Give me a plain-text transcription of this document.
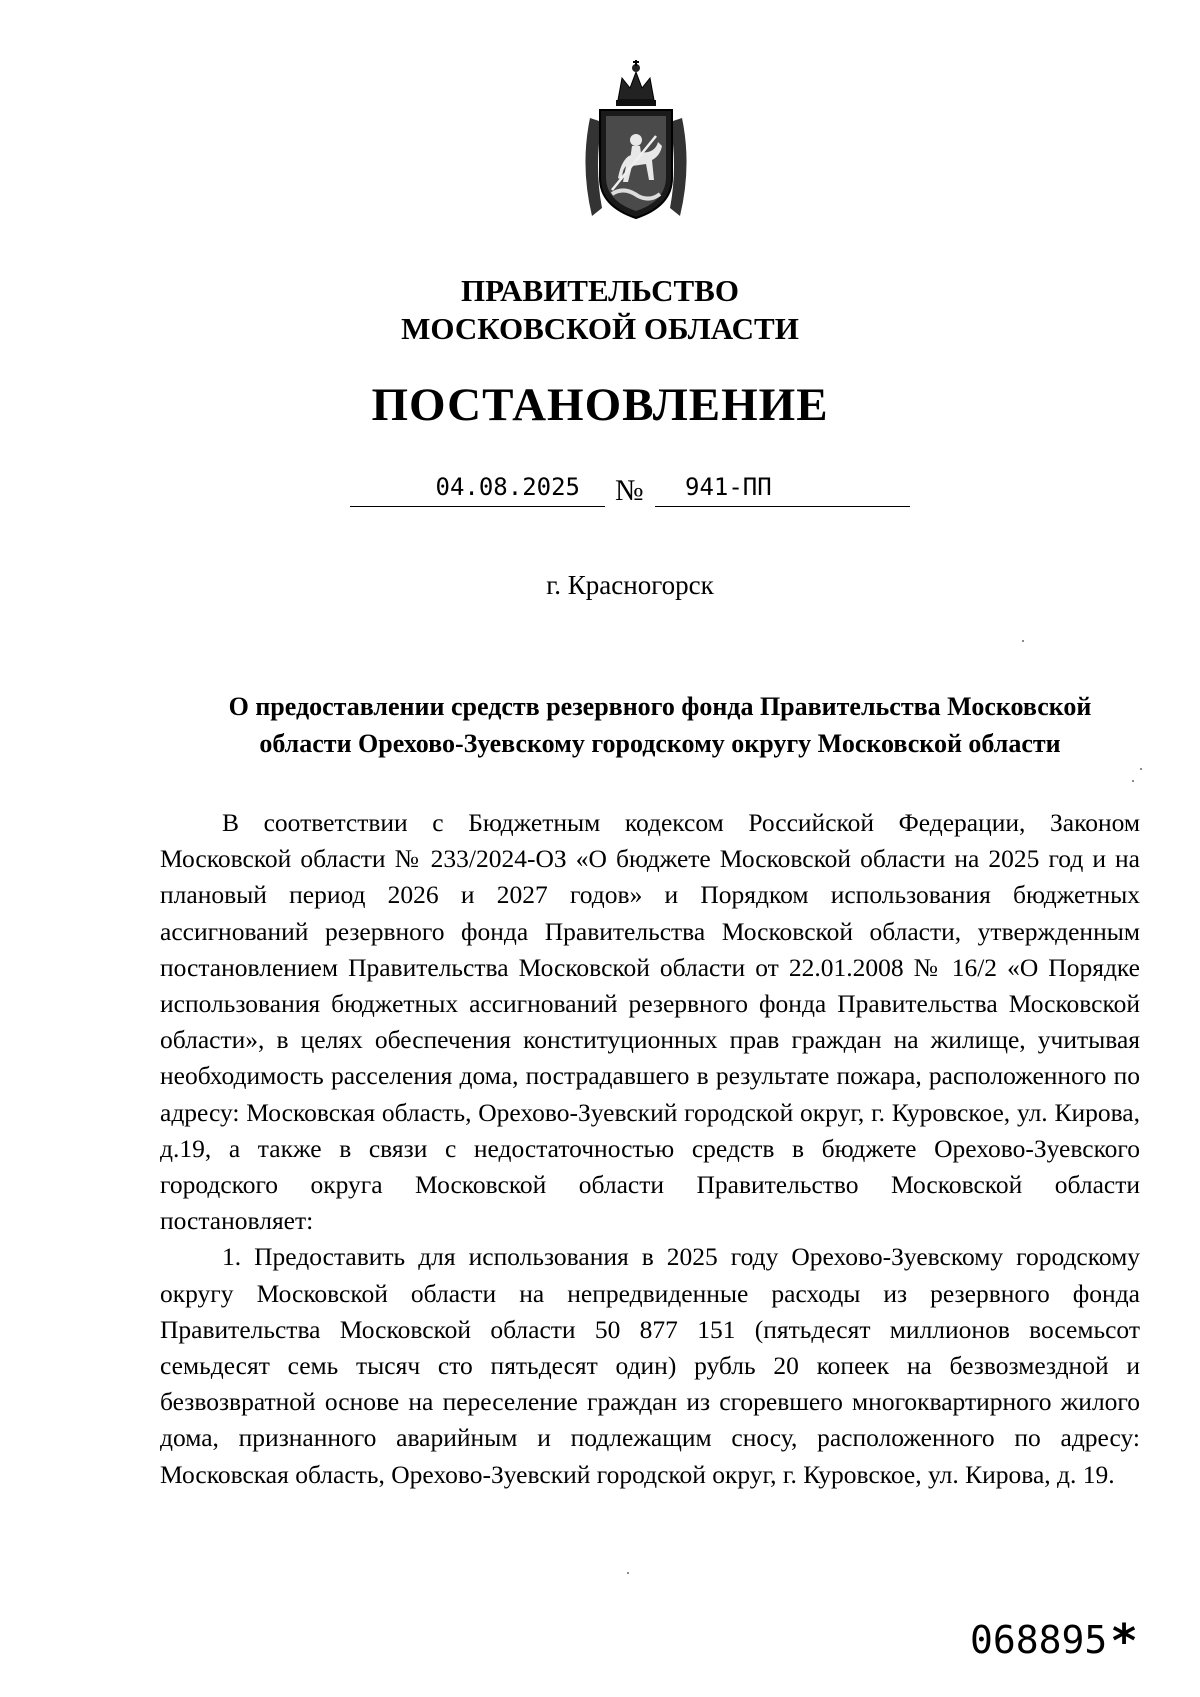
ПРАВИТЕЛЬСТВО
МОСКОВСКОЙ ОБЛАСТИ
ПОСТАНОВЛЕНИЕ
04.08.2025	№	941-ПП
г. Красногорск
О предоставлении средств резервного фонда Правительства Московской
области Орехово-Зуевскому городскому округу Московской области

В соответствии с Бюджетным кодексом Российской Федерации, Законом Московской области № 233/2024-ОЗ «О бюджете Московской области на 2025 год и на плановый период 2026 и 2027 годов» и Порядком использования бюджетных ассигнований резервного фонда Правительства Московской области, утвержденным постановлением Правительства Московской области от 22.01.2008 № 16/2 «О Порядке использования бюджетных ассигнований резервного фонда Правительства Московской области», в целях обеспечения конституционных прав граждан на жилище, учитывая необходимость расселения дома, пострадавшего в результате пожара, расположенного по адресу: Московская область, Орехово-Зуевский городской округ, г. Куровское, ул. Кирова, д.19, а также в связи с недостаточностью средств в бюджете Орехово-Зуевского городского округа Московской области Правительство Московской области постановляет:

1. Предоставить для использования в 2025 году Орехово-Зуевскому городскому округу Московской области на непредвиденные расходы из резервного фонда Правительства Московской области 50 877 151 (пятьдесят миллионов восемьсот семьдесят семь тысяч сто пятьдесят один) рубль 20 копеек на безвозмездной и безвозвратной основе на переселение граждан из сгоревшего многоквартирного жилого дома, признанного аварийным и подлежащим сносу, расположенного по адресу: Московская область, Орехово-Зуевский городской округ, г. Куровское, ул. Кирова, д. 19.

068895 *
